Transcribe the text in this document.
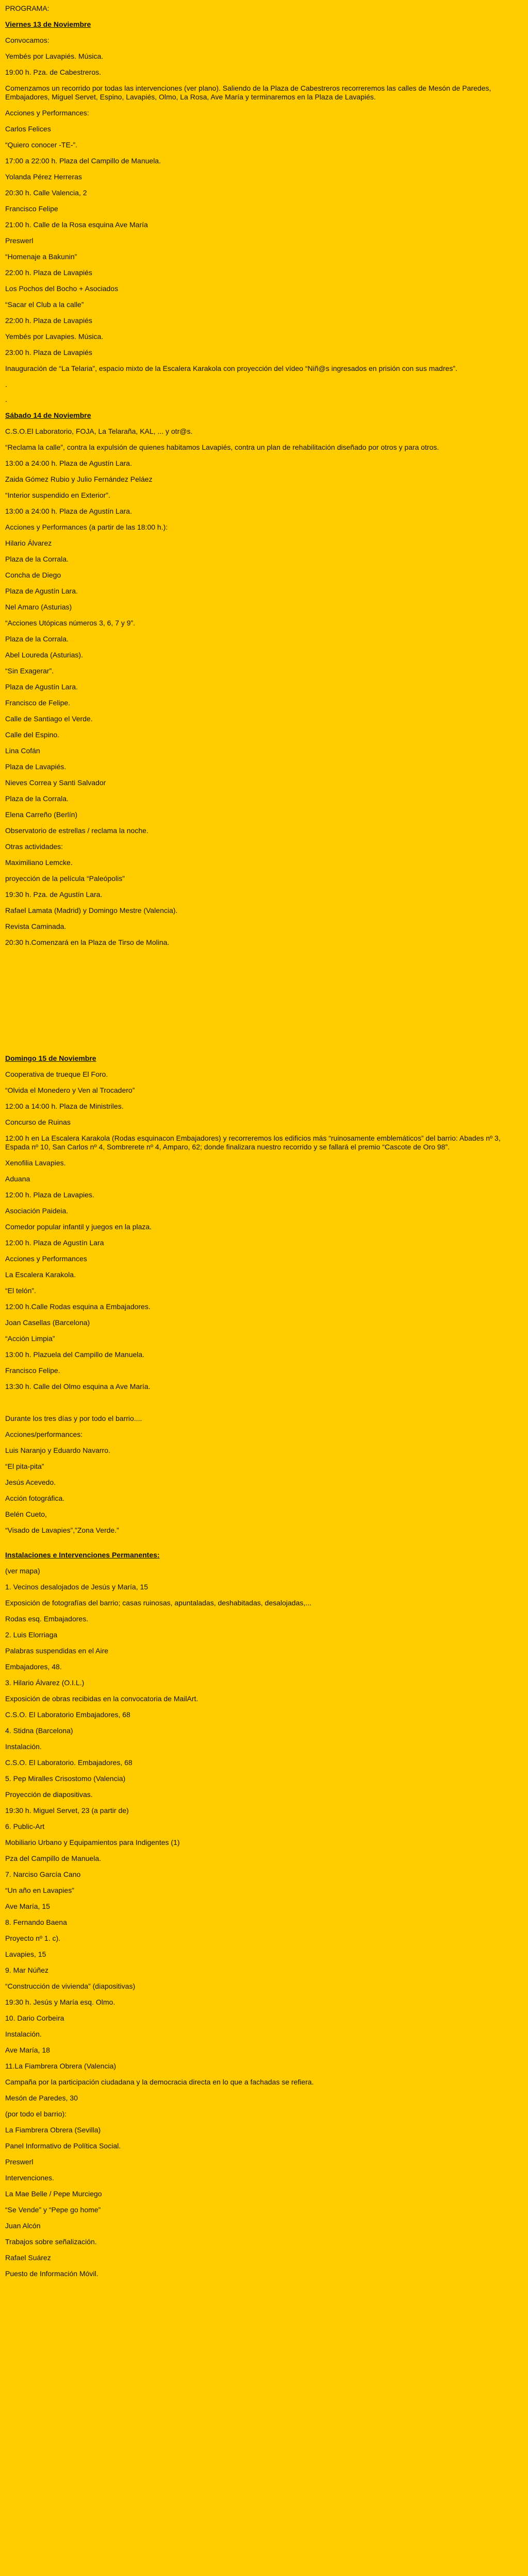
PROGRAMA:

Viernes 13 de Noviembre

Convocamos:

Yembés por Lavapiés. Música.

19:00 h. Pza. de Cabestreros.

Comenzamos un recorrido por todas las intervenciones (ver plano). Saliendo de la Plaza de Cabestreros recorreremos las calles de Mesón de Paredes, Embajadores, Miguel Servet, Espino, Lavapiés, Olmo, La Rosa, Ave María y terminaremos en la Plaza de Lavapiés.

Acciones y Performances:

Carlos Felices

“Quiero conocer -TE-”.

17:00 a 22:00 h. Plaza del Campillo de Manuela.

Yolanda Pérez Herreras

20:30 h. Calle Valencia, 2

Francisco Felipe

21:00 h. Calle de la Rosa esquina Ave María

Preswerl

“Homenaje a Bakunin”

22:00 h. Plaza de Lavapiés

Los Pochos del Bocho + Asociados

“Sacar el Club a la calle”

22:00 h. Plaza de Lavapiés

Yembés por Lavapies. Música.

23:00 h. Plaza de Lavapiés

Inauguración de “La Telaria”, espacio mixto de la Escalera Karakola con proyección del vídeo “Niñ@s ingresados en prisión con sus madres”.

.

.

Sábado 14 de Noviembre

C.S.O.El Laboratorio, FOJA, La Telaraña, KAL, ... y otr@s.

“Reclama la calle”, contra la expulsión de quienes habitamos Lavapiés, contra un plan de rehabilitación diseñado por otros y para otros.

13:00 a 24:00 h. Plaza de Agustín Lara.

Zaida Gómez Rubio y Julio Fernández Peláez

“Interior suspendido en Exterior”.

13:00 a 24:00 h. Plaza de Agustín Lara.

Acciones y Performances (a partir de las 18:00 h.):

Hilario Álvarez

Plaza de la Corrala.

Concha de Diego

Plaza de Agustín Lara.

Nel Amaro (Asturias)

“Acciones Utópicas números 3, 6, 7 y 9”.

Plaza de la Corrala.

Abel Loureda (Asturias).

“Sin Exagerar”.

Plaza de Agustín Lara.

Francisco de Felipe.

Calle de Santiago el Verde.

Calle del Espino.

Lina Cofán

Plaza de Lavapiés.

Nieves Correa y Santi Salvador

Plaza de la Corrala.

Elena Carreño (Berlín)

Observatorio de estrellas / reclama la noche.

Otras actividades:

Maximiliano Lemcke.

proyección de la película “Paleópolis”

19:30 h. Pza. de Agustín Lara.

Rafael Lamata (Madrid) y Domingo Mestre (Valencia).

Revista Caminada.

20:30 h.Comenzará en la Plaza de Tirso de Molina.

Domingo 15 de Noviembre

Cooperativa de trueque El Foro.

“Olvida el Monedero y Ven al Trocadero”

12:00 a 14:00 h. Plaza de Ministriles.

Concurso de Ruinas

12:00 h en La Escalera Karakola (Rodas esquinacon Embajadores) y recorreremos los edificios más “ruinosamente emblemáticos” del barrio: Abades nº 3, Espada nº 10, San Carlos nº 4, Sombrerete nº 4, Amparo, 62; donde finalizara nuestro recorrido y se fallará el premio “Cascote de Oro 98”.

Xenofilia Lavapies.

Aduana

12:00 h. Plaza de Lavapies.

Asociación Paideia.

Comedor popular infantil y juegos en la plaza.

12:00 h. Plaza de Agustín Lara

Acciones y Performances

La Escalera Karakola.

“El telón”.

12:00 h.Calle Rodas esquina a Embajadores.

Joan Casellas (Barcelona)

“Acción Limpia”

13:00 h. Plazuela del Campillo de Manuela.

Francisco Felipe.

13:30 h. Calle del Olmo esquina a Ave María.

Durante los tres días y por todo el barrio....

Acciones/performances:

Luis Naranjo y Eduardo Navarro.

“El pita-pita”

Jesús Acevedo.

Acción fotográfica.

Belén Cueto,

“Visado de Lavapies”,”Zona Verde.”

Instalaciones e Intervenciones Permanentes:

(ver mapa)

1. Vecinos desalojados de Jesús y María, 15

Exposición de fotografías del barrio; casas ruinosas, apuntaladas, deshabitadas, desalojadas,...

Rodas esq. Embajadores.

2. Luis Elorriaga

Palabras suspendidas en el Aire

Embajadores, 48.

3. Hilario Álvarez (O.I.L.)

Exposición de obras recibidas en la convocatoria de MailArt.

C.S.O. El Laboratorio Embajadores, 68

4. Stidna (Barcelona)

Instalación.

C.S.O. El Laboratorio. Embajadores, 68

5. Pep Miralles Crisostomo (Valencia)

Proyección de diapositivas.

19:30 h. Miguel Servet, 23 (a partir de)

6. Public-Art

Mobiliario Urbano y Equipamientos para Indigentes (1)

Pza del Campillo de Manuela.

7. Narciso García Cano

“Un año en Lavapies”

Ave María, 15

8. Fernando Baena

Proyecto nº 1. c).

Lavapies, 15

9. Mar Núñez

“Construcción de vivienda” (diapositivas)

19:30 h. Jesús y María esq. Olmo.

10. Dario Corbeira

Instalación.

Ave María, 18

11.La Fiambrera Obrera (Valencia)

Campaña por la participación ciudadana y la democracia directa en lo que a fachadas se refiera.

Mesón de Paredes, 30

(por todo el barrio):

La Fiambrera Obrera (Sevilla)

Panel Informativo de Política Social.

Preswerl

Intervenciones.

La Mae Belle / Pepe Murciego

“Se Vende” y “Pepe go home”

Juan Alcón

Trabajos sobre señalización.

Rafael Suárez

Puesto de Información Móvil.
